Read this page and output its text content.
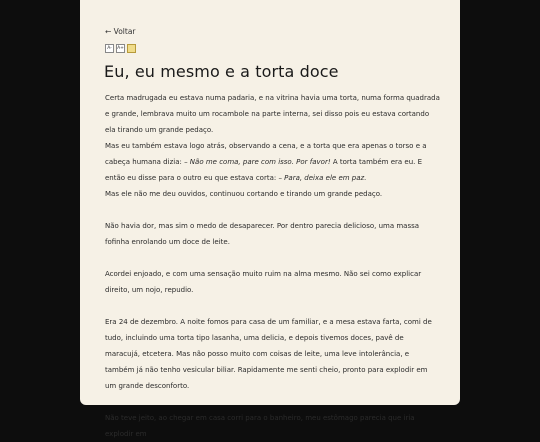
← Voltar
A-	A+
Eu, eu mesmo e a torta doce

Certa madrugada eu estava numa padaria, e na vitrina havia uma torta, numa forma quadrada e grande, lembrava muito um rocambole na parte interna, sei disso pois eu estava cortando ela tirando um grande pedaço.
Mas eu também estava logo atrás, observando a cena, e a torta que era apenas o torso e a cabeça humana dizia: – Não me coma, pare com isso. Por favor! A torta também era eu. E então eu disse para o outro eu que estava corta: – Para, deixa ele em paz.
Mas ele não me deu ouvidos, continuou cortando e tirando um grande pedaço.

Não havia dor, mas sim o medo de desaparecer. Por dentro parecia delicioso, uma massa fofinha enrolando um doce de leite.

Acordei enjoado, e com uma sensação muito ruim na alma mesmo. Não sei como explicar direito, um nojo, repudio.

Era 24 de dezembro. A noite fomos para casa de um familiar, e a mesa estava farta, comi de tudo, incluindo uma torta tipo lasanha, uma delicia, e depois tivemos doces, pavê de maracujá, etcetera. Mas não posso muito com coisas de leite, uma leve intolerância, e também já não tenho vesicular biliar. Rapidamente me senti cheio, pronto para explodir em um grande desconforto.

Não teve jeito, ao chegar em casa corri para o banheiro, meu estômago parecia que iria explodir em
